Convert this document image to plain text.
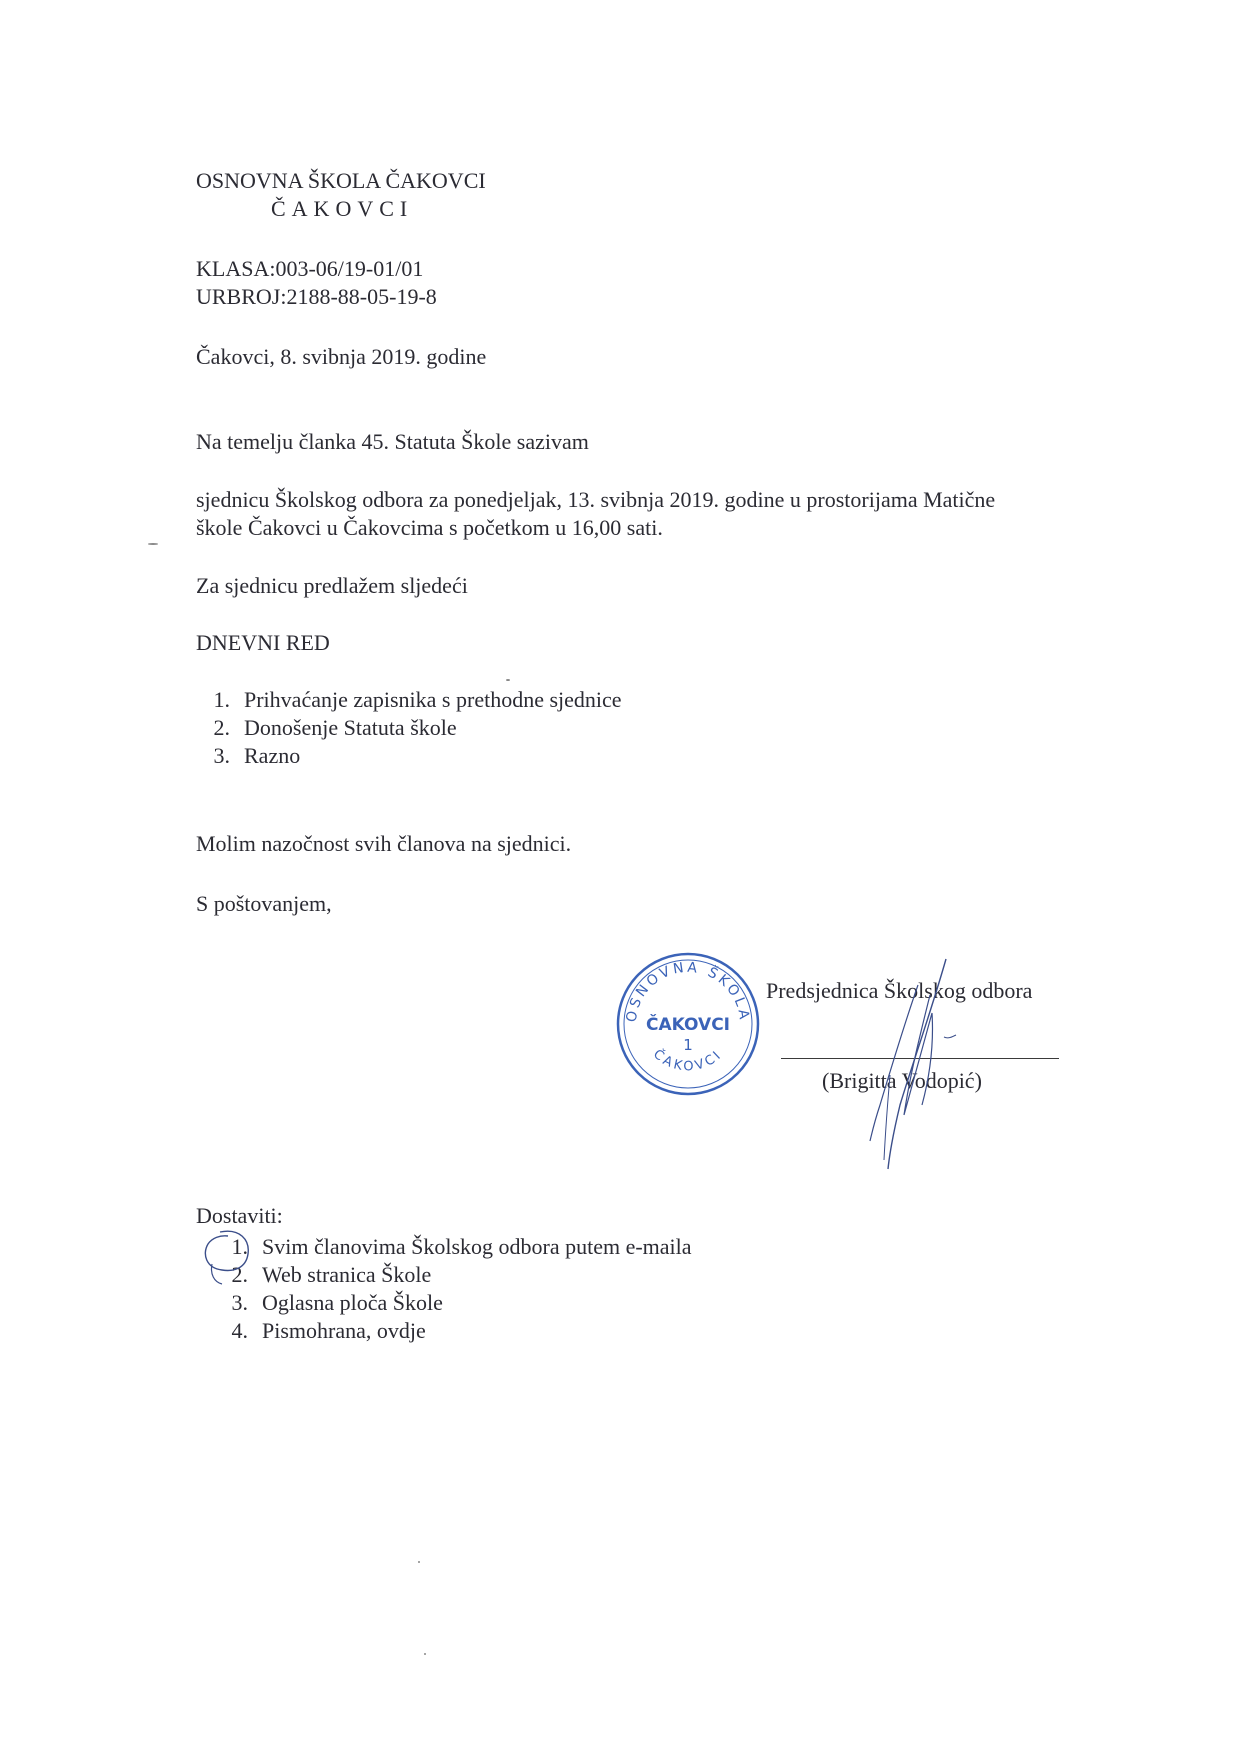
OSNOVNA ŠKOLA ČAKOVCI
ČAKOVCI
KLASA:003-06/19-01/01
URBROJ:2188-88-05-19-8
Čakovci, 8. svibnja 2019. godine
Na temelju članka 45. Statuta Škole sazivam
sjednicu Školskog odbora za ponedjeljak, 13. svibnja 2019. godine u prostorijama Matične
škole Čakovci u Čakovcima s početkom u 16,00 sati.
Za sjednicu predlažem sljedeći
DNEVNI RED
1. Prihvaćanje zapisnika s prethodne sjednice
2. Donošenje Statuta škole
3. Razno
Molim nazočnost svih članova na sjednici.
S poštovanjem,
OSNOVNA ŠKOLA
ČAKOVCI
1
ČAKOVCI
Predsjednica Školskog odbora
(Brigitta Vodopić)
Dostaviti:
1. Svim članovima Školskog odbora putem e-maila
2. Web stranica Škole
3. Oglasna ploča Škole
4. Pismohrana, ovdje
